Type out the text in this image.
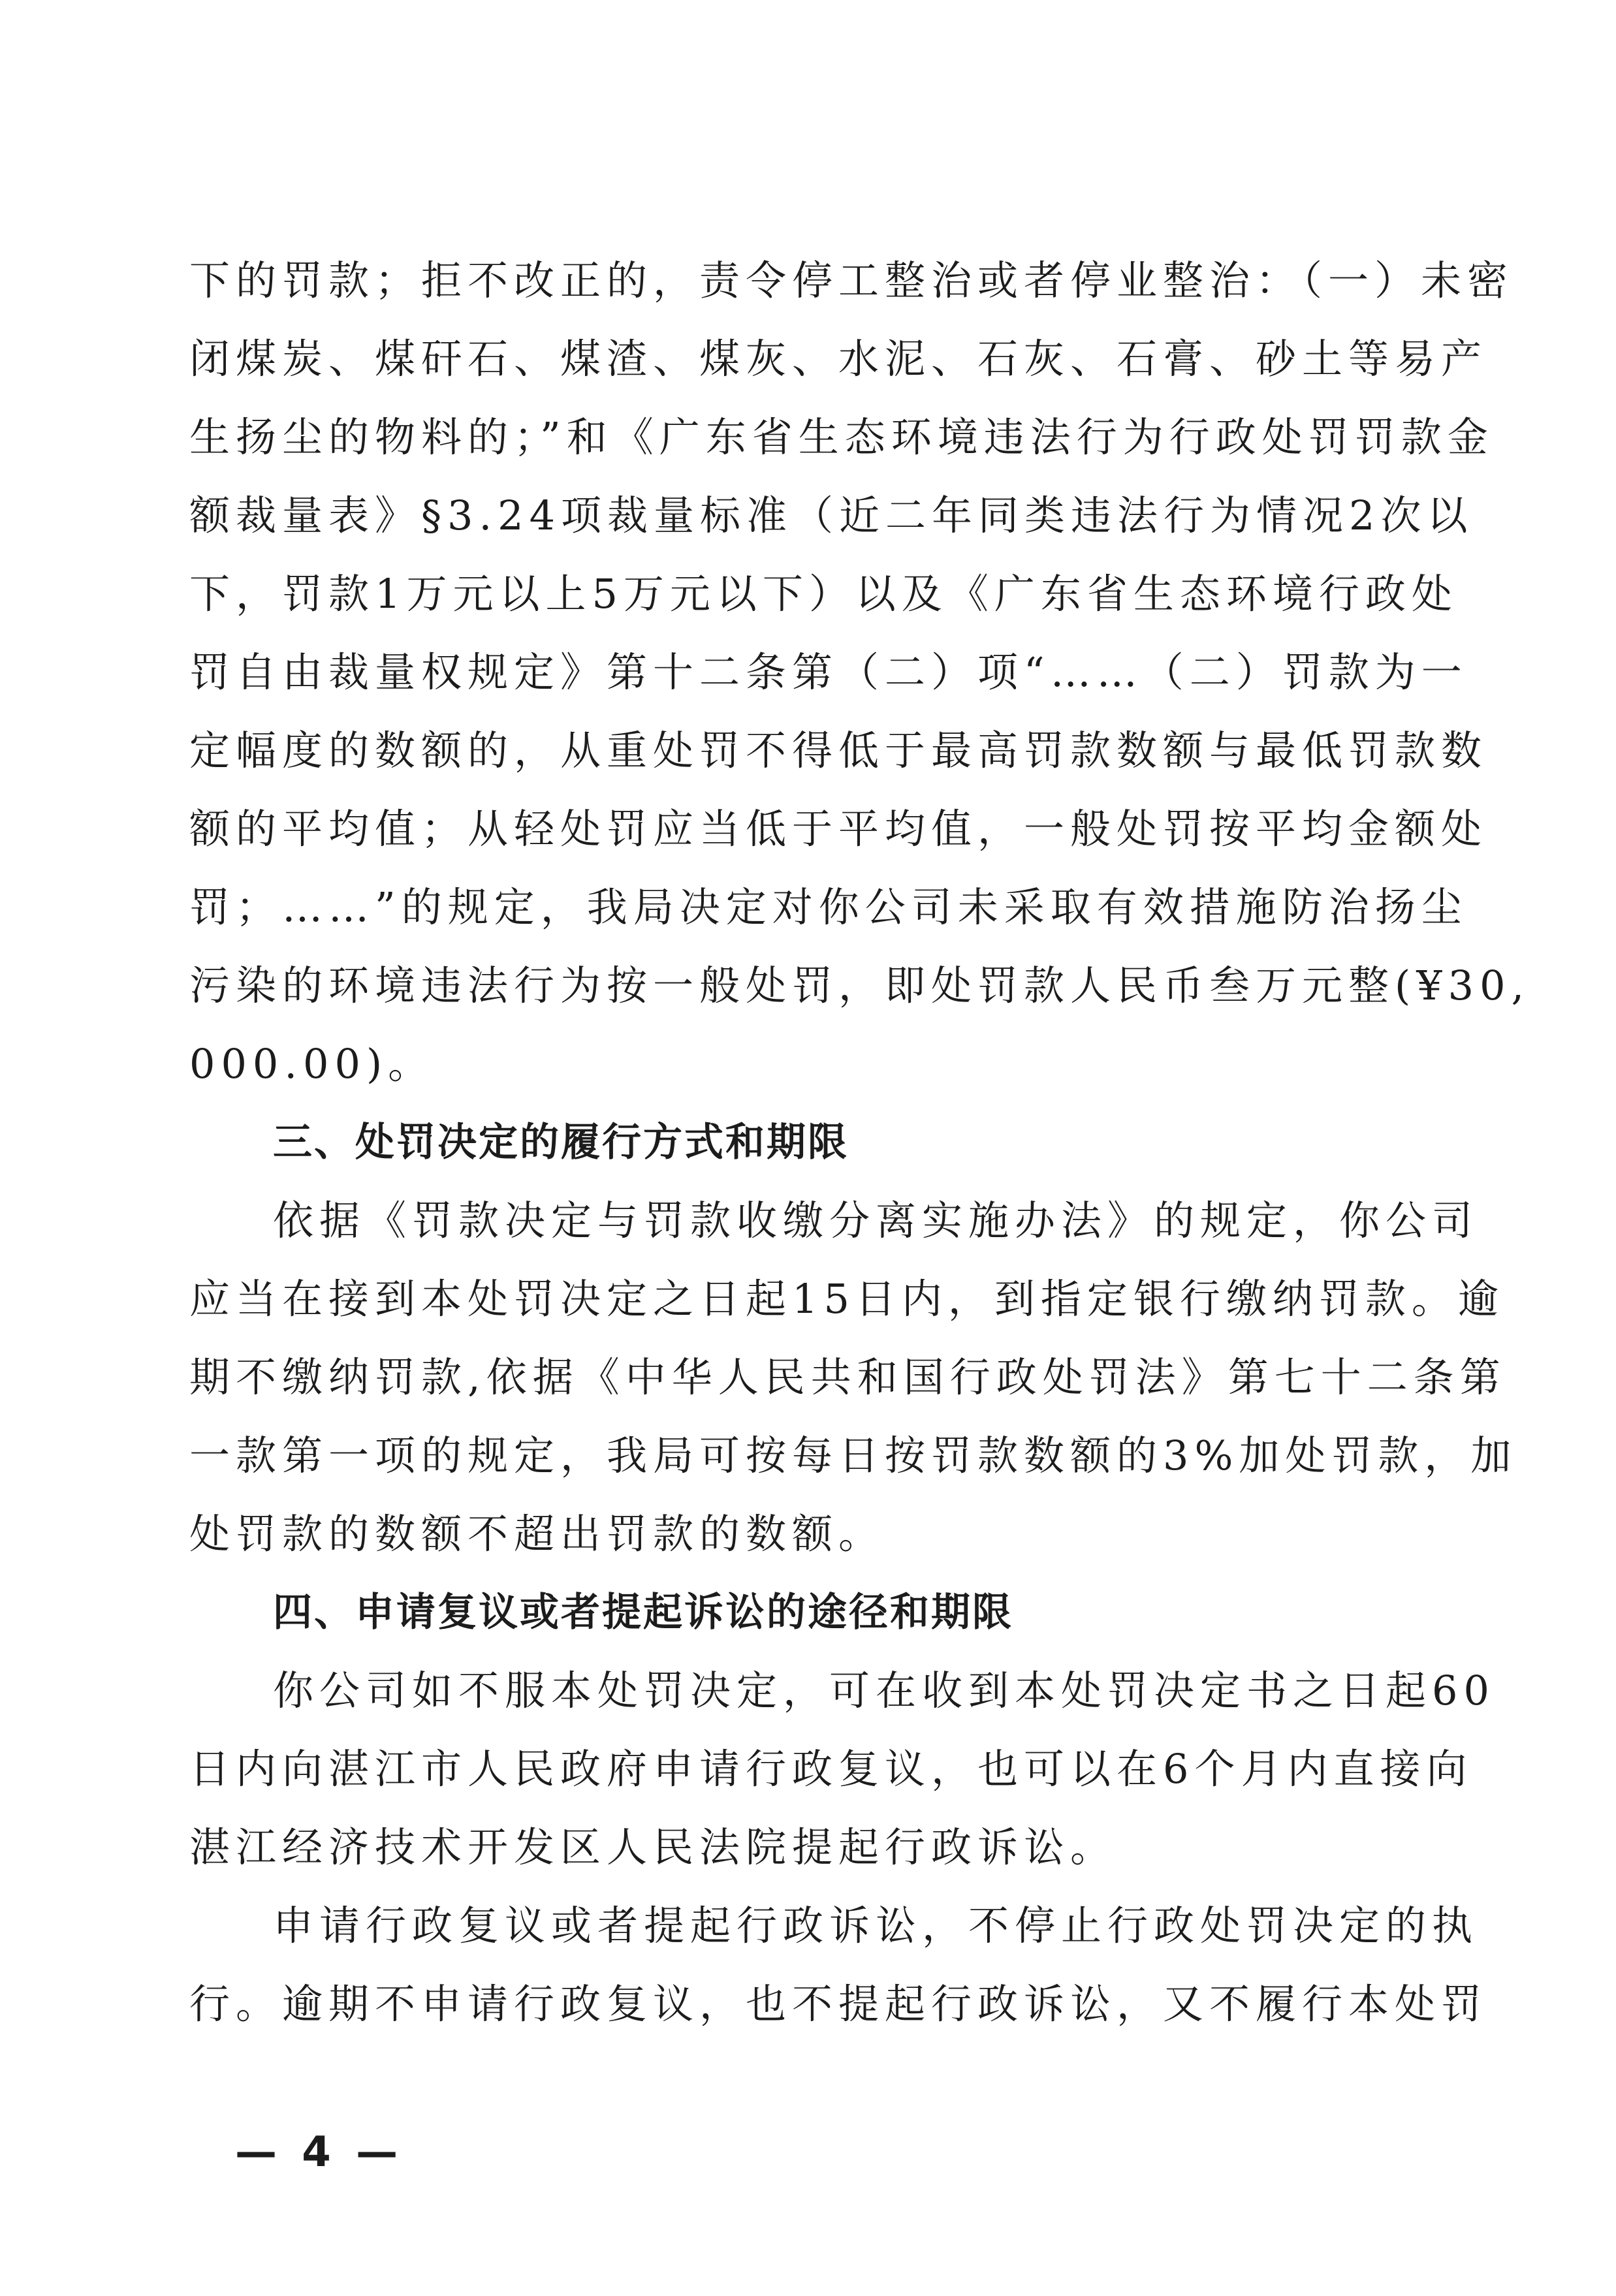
下的罚款；拒不改正的，责令停工整治或者停业整治：（一）未密
闭煤炭、煤矸石、煤渣、煤灰、水泥、石灰、石膏、砂土等易产
生扬尘的物料的；”和《广东省生态环境违法行为行政处罚罚款金
额裁量表》§3.24项裁量标准（近二年同类违法行为情况2次以
下，罚款1万元以上5万元以下）以及《广东省生态环境行政处
罚自由裁量权规定》第十二条第（二）项“……（二）罚款为一
定幅度的数额的，从重处罚不得低于最高罚款数额与最低罚款数
额的平均值；从轻处罚应当低于平均值，一般处罚按平均金额处
罚；……”的规定，我局决定对你公司未采取有效措施防治扬尘
污染的环境违法行为按一般处罚，即处罚款人民币叁万元整(¥30,
000.00)。
三、处罚决定的履行方式和期限
依据《罚款决定与罚款收缴分离实施办法》的规定，你公司
应当在接到本处罚决定之日起15日内，到指定银行缴纳罚款。逾
期不缴纳罚款,依据《中华人民共和国行政处罚法》第七十二条第
一款第一项的规定，我局可按每日按罚款数额的3%加处罚款，加
处罚款的数额不超出罚款的数额。
四、申请复议或者提起诉讼的途径和期限
你公司如不服本处罚决定，可在收到本处罚决定书之日起60
日内向湛江市人民政府申请行政复议，也可以在6个月内直接向
湛江经济技术开发区人民法院提起行政诉讼。
申请行政复议或者提起行政诉讼，不停止行政处罚决定的执
行。逾期不申请行政复议，也不提起行政诉讼，又不履行本处罚
— 4 —
